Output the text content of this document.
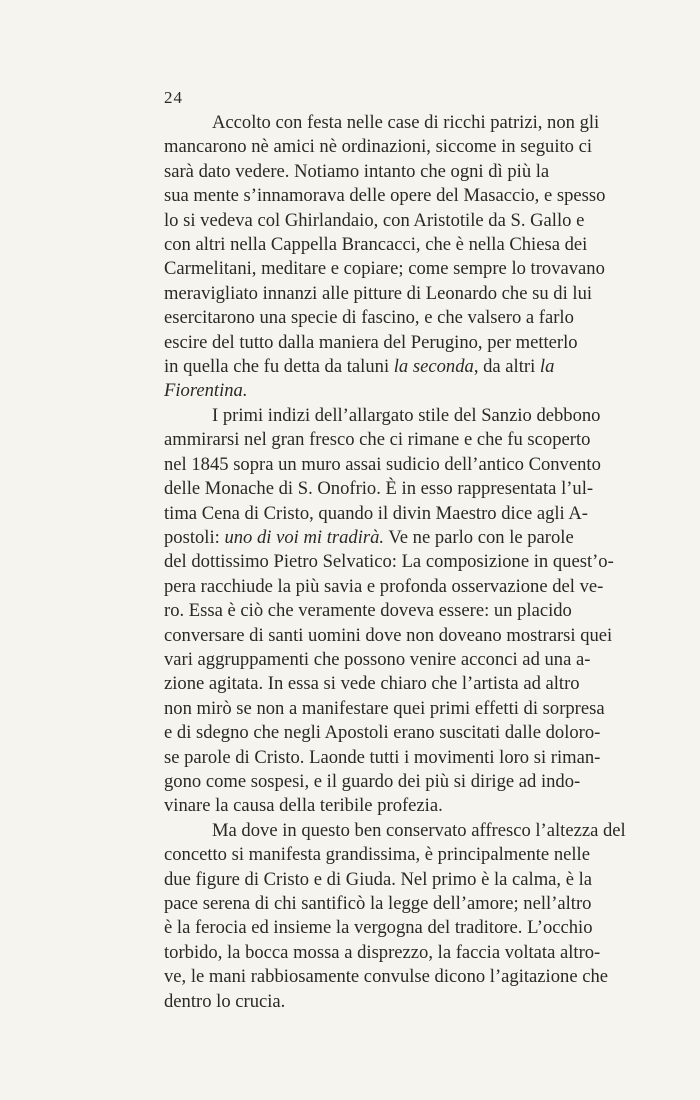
24
Accolto con festa nelle case di ricchi patrizi, non gli
mancarono nè amici nè ordinazioni, siccome in seguito ci
sarà dato vedere. Notiamo intanto che ogni dì più la
sua mente s’innamorava delle opere del Masaccio, e spesso
lo si vedeva col Ghirlandaio, con Aristotile da S. Gallo e
con altri nella Cappella Brancacci, che è nella Chiesa dei
Carmelitani, meditare e copiare; come sempre lo trovavano
meravigliato innanzi alle pitture di Leonardo che su di lui
esercitarono una specie di fascino, e che valsero a farlo
escire del tutto dalla maniera del Perugino, per metterlo
in quella che fu detta da taluni la seconda, da altri la
Fiorentina.
I primi indizi dell’allargato stile del Sanzio debbono
ammirarsi nel gran fresco che ci rimane e che fu scoperto
nel 1845 sopra un muro assai sudicio dell’antico Convento
delle Monache di S. Onofrio. È in esso rappresentata l’ul-
tima Cena di Cristo, quando il divin Maestro dice agli A-
postoli: uno di voi mi tradirà. Ve ne parlo con le parole
del dottissimo Pietro Selvatico: La composizione in quest’o-
pera racchiude la più savia e profonda osservazione del ve-
ro. Essa è ciò che veramente doveva essere: un placido
conversare di santi uomini dove non doveano mostrarsi quei
vari aggruppamenti che possono venire acconci ad una a-
zione agitata. In essa si vede chiaro che l’artista ad altro
non mirò se non a manifestare quei primi effetti di sorpresa
e di sdegno che negli Apostoli erano suscitati dalle doloro-
se parole di Cristo. Laonde tutti i movimenti loro si riman-
gono come sospesi, e il guardo dei più si dirige ad indo-
vinare la causa della teribile profezia.
Ma dove in questo ben conservato affresco l’altezza del
concetto si manifesta grandissima, è principalmente nelle
due figure di Cristo e di Giuda. Nel primo è la calma, è la
pace serena di chi santificò la legge dell’amore; nell’altro
è la ferocia ed insieme la vergogna del traditore. L’occhio
torbido, la bocca mossa a disprezzo, la faccia voltata altro-
ve, le mani rabbiosamente convulse dicono l’agitazione che
dentro lo crucia.
